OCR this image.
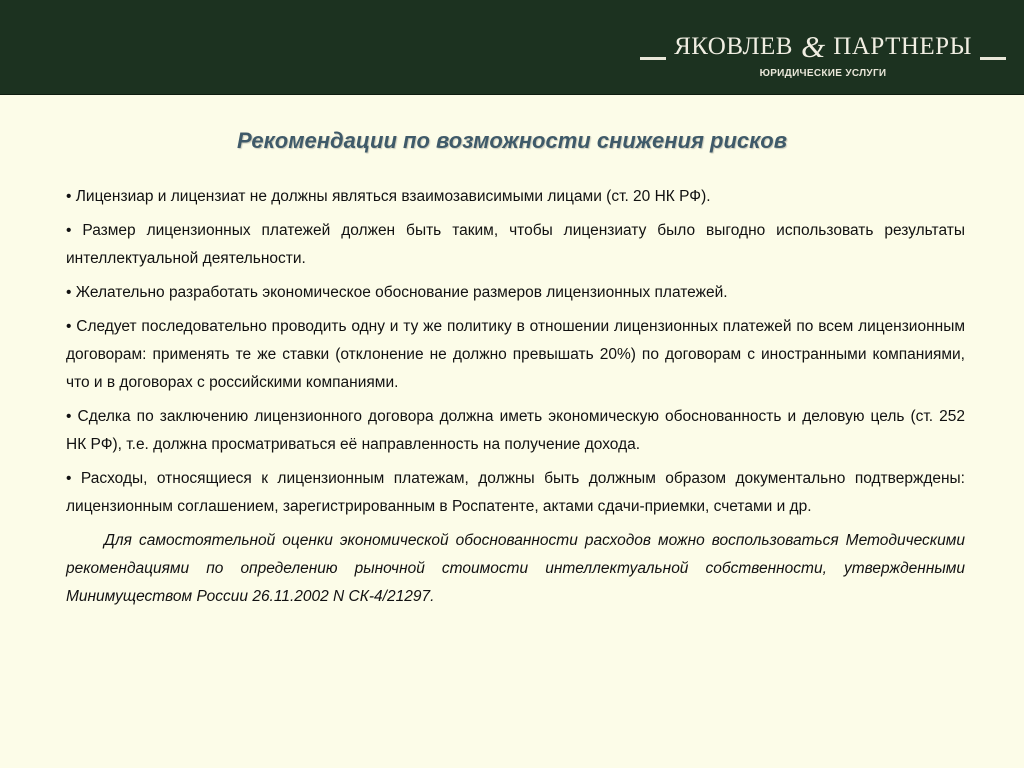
ЯКОВЛЕВ & ПАРТНЕРЫ
ЮРИДИЧЕСКИЕ УСЛУГИ
Рекомендации по возможности снижения рисков

• Лицензиар и лицензиат не должны являться взаимозависимыми лицами (ст. 20 НК РФ).

• Размер лицензионных платежей должен быть таким, чтобы лицензиату было выгодно использовать результаты интеллектуальной деятельности.

• Желательно разработать экономическое обоснование размеров лицензионных платежей.

• Следует последовательно проводить одну и ту же политику в отношении лицензионных платежей по всем лицензионным договорам: применять те же ставки (отклонение не должно превышать 20%) по договорам с иностранными компаниями, что и в договорах с российскими компаниями.

• Сделка по заключению лицензионного договора должна иметь экономическую обоснованность и деловую цель (ст. 252 НК РФ), т.е. должна просматриваться её направленность на получение дохода.

• Расходы, относящиеся к лицензионным платежам, должны быть должным образом документально подтверждены: лицензионным соглашением, зарегистрированным в Роспатенте, актами сдачи-приемки, счетами и др.

Для самостоятельной оценки экономической обоснованности расходов можно воспользоваться Методическими рекомендациями по определению рыночной стоимости интеллектуальной собственности, утвержденными Минимуществом России 26.11.2002 N СК-4/21297.
